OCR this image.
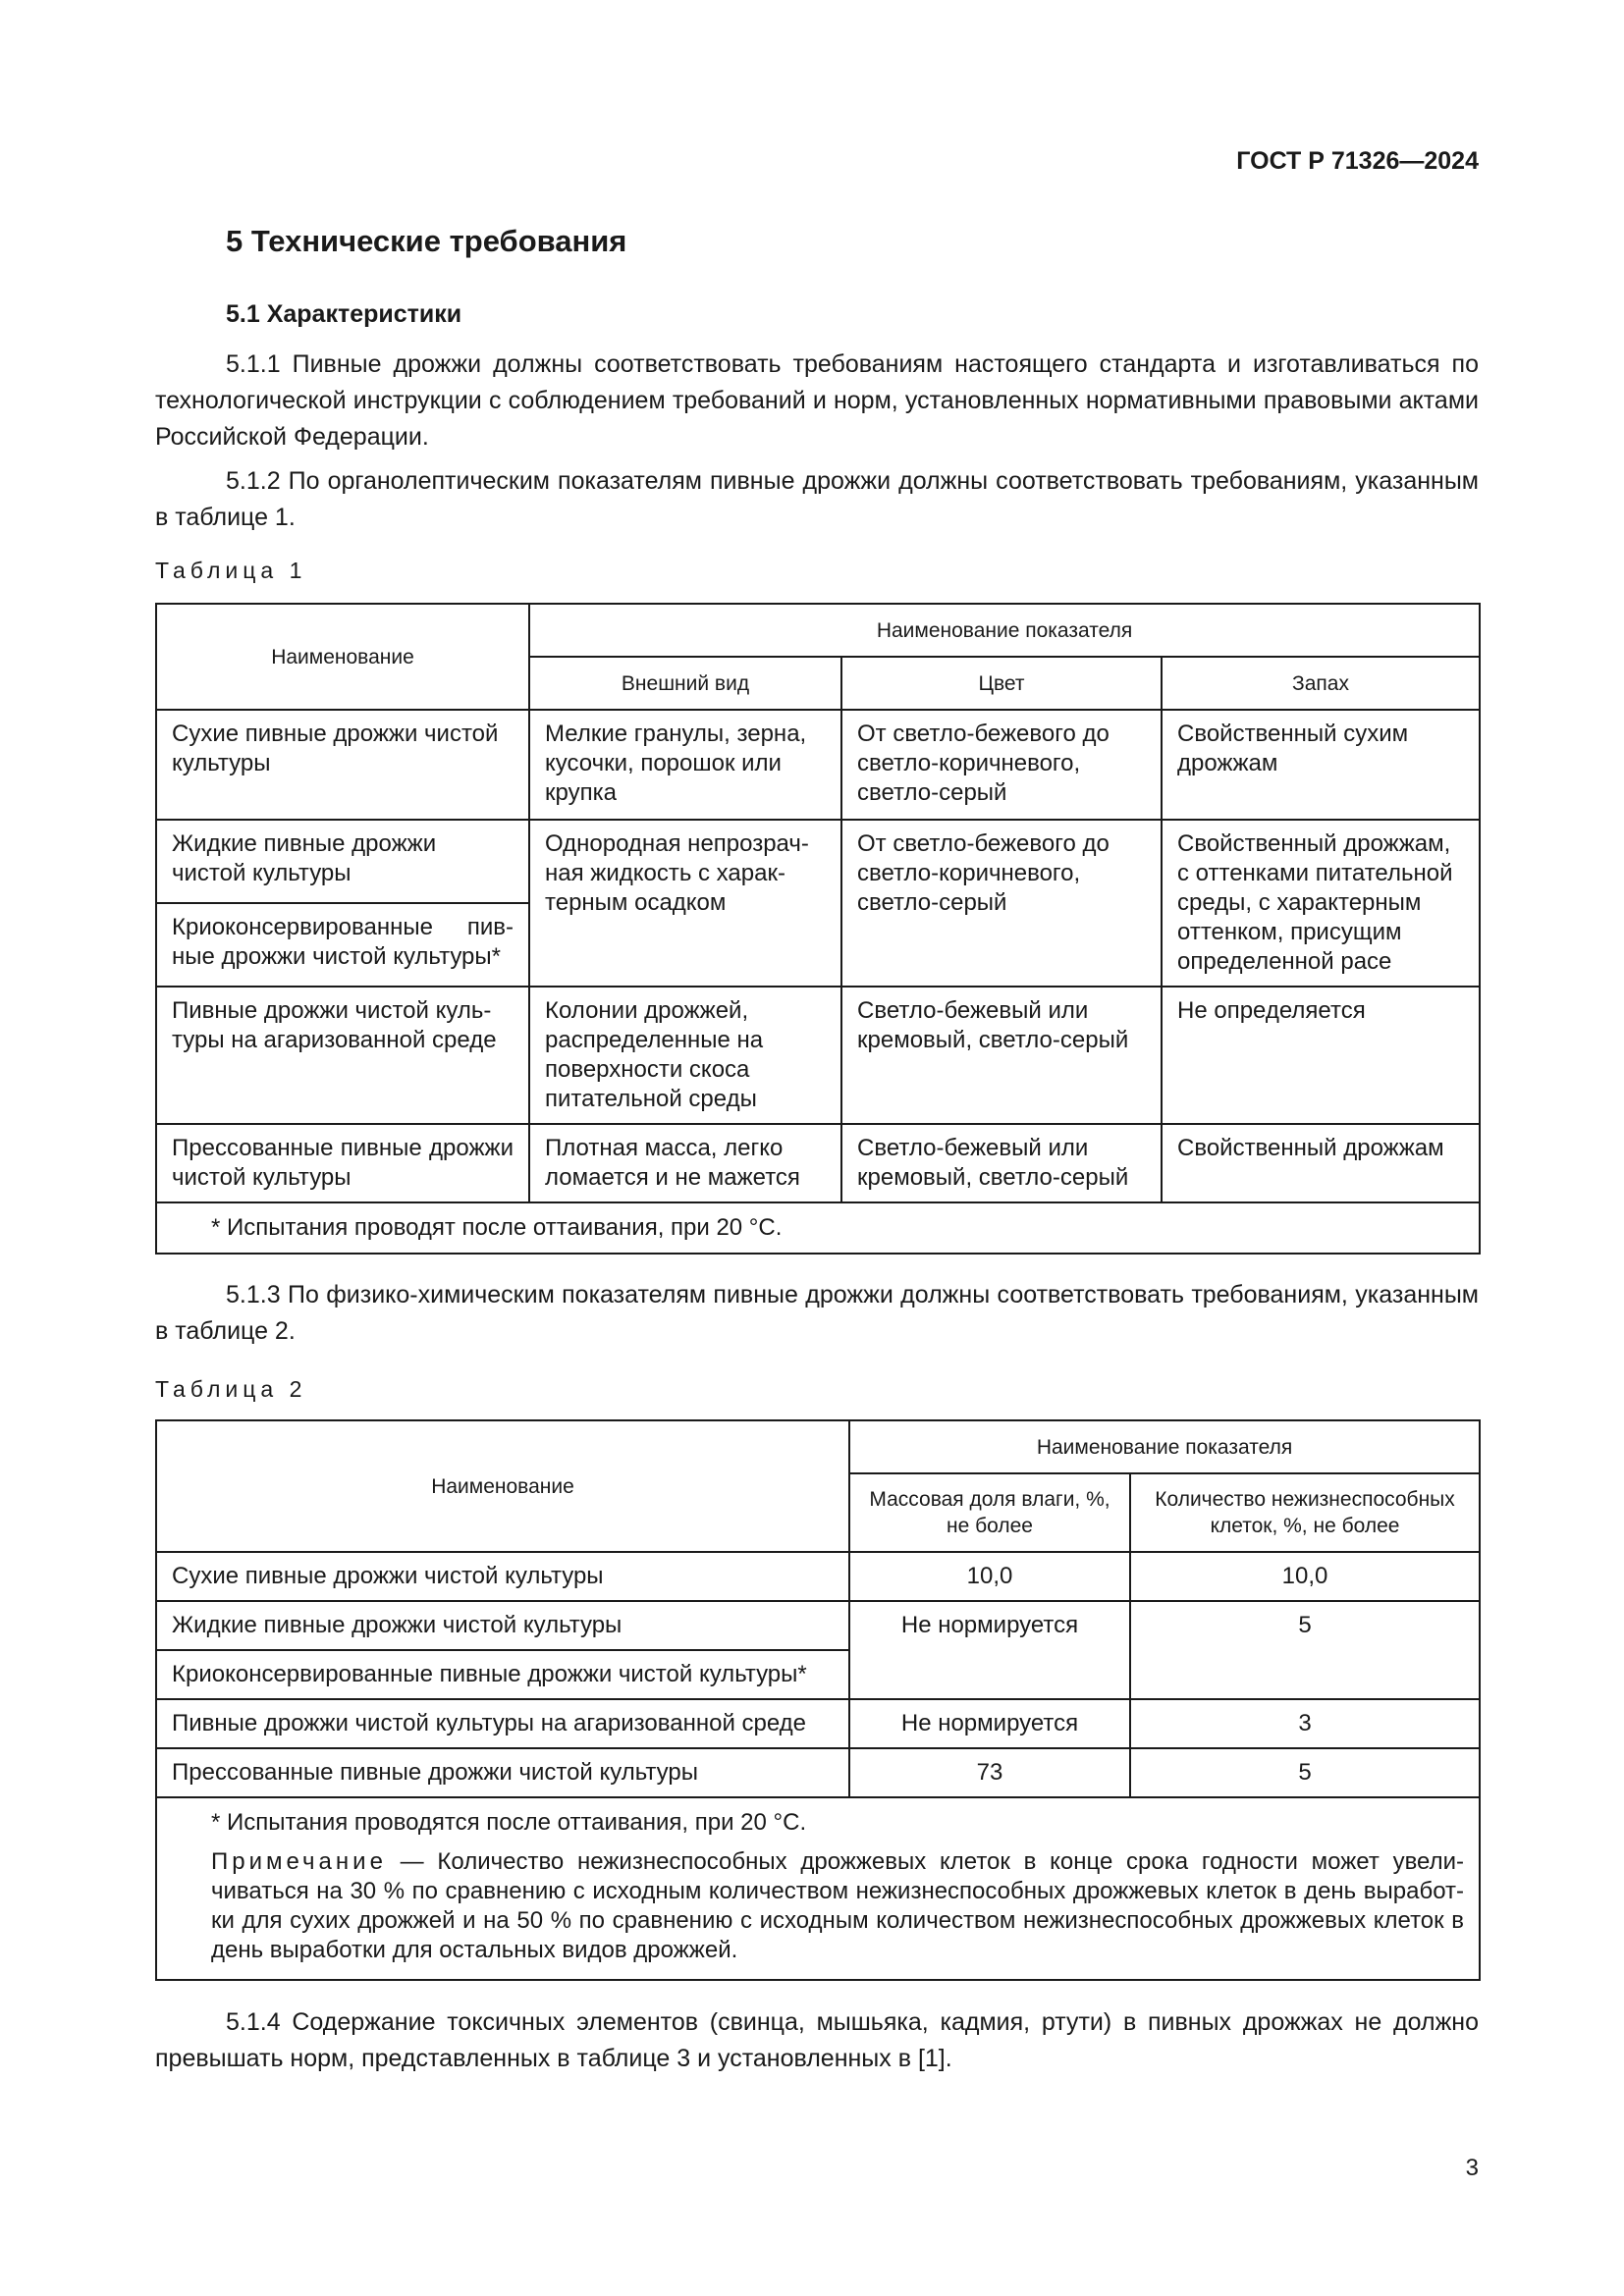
ГОСТ Р 71326—2024
5 Технические требования
5.1 Характеристики

5.1.1 Пивные дрожжи должны соответствовать требованиям настоящего стандарта и изготавливаться по технологической инструкции с соблюдением требований и норм, установленных нормативными правовыми актами Российской Федерации.

5.1.2 По органолептическим показателям пивные дрожжи должны соответствовать требованиям, указанным в таблице 1.

Таблица 1
Наименование	Наименование показателя		
	Внешний вид	Цвет	Запах
Сухие пивные дрожжи чистой культуры	Мелкие гранулы, зерна, кусочки, порошок или крупка	От светло-бежевого до светло-коричневого, светло-серый	Свойственный сухим дрожжам
Жидкие пивные дрожжи чистой культуры	Однородная непрозрачная жидкость с характерным осадком	От светло-бежевого до светло-коричневого, светло-серый	Свойственный дрожжам, с оттенками питательной среды, с характерным оттенком, присущим определенной расе
Криоконсервированные пивные дрожжи чистой культуры*			
Пивные дрожжи чистой культуры на агаризованной среде	Колонии дрожжей, распределенные на поверхности скоса питательной среды	Светло-бежевый или кремовый, светло-серый	Не определяется
Прессованные пивные дрожжи чистой культуры	Плотная масса, легко ломается и не мажется	Светло-бежевый или кремовый, светло-серый	Свойственный дрожжам
* Испытания проводят после оттаивания, при 20 °С.			

5.1.3 По физико-химическим показателям пивные дрожжи должны соответствовать требованиям, указанным в таблице 2.

Таблица 2
Наименование	Наименование показателя	
	Массовая доля влаги, %, не более	Количество нежизнеспособных клеток, %, не более
Сухие пивные дрожжи чистой культуры	10,0	10,0
Жидкие пивные дрожжи чистой культуры	Не нормируется	5
Криоконсервированные пивные дрожжи чистой культуры*		
Пивные дрожжи чистой культуры на агаризованной среде	Не нормируется	3
Прессованные пивные дрожжи чистой культуры	73	5

* Испытания проводятся после оттаивания, при 20 °С.
Примечание — Количество нежизнеспособных дрожжевых клеток в конце срока годности может увеличиваться на 30 % по сравнению с исходным количеством нежизнеспособных дрожжевых клеток в день выработки для сухих дрожжей и на 50 % по сравнению с исходным количеством нежизнеспособных дрожжевых клеток в день выработки для остальных видов дрожжей.		

5.1.4 Содержание токсичных элементов (свинца, мышьяка, кадмия, ртути) в пивных дрожжах не должно превышать норм, представленных в таблице 3 и установленных в [1].

3
